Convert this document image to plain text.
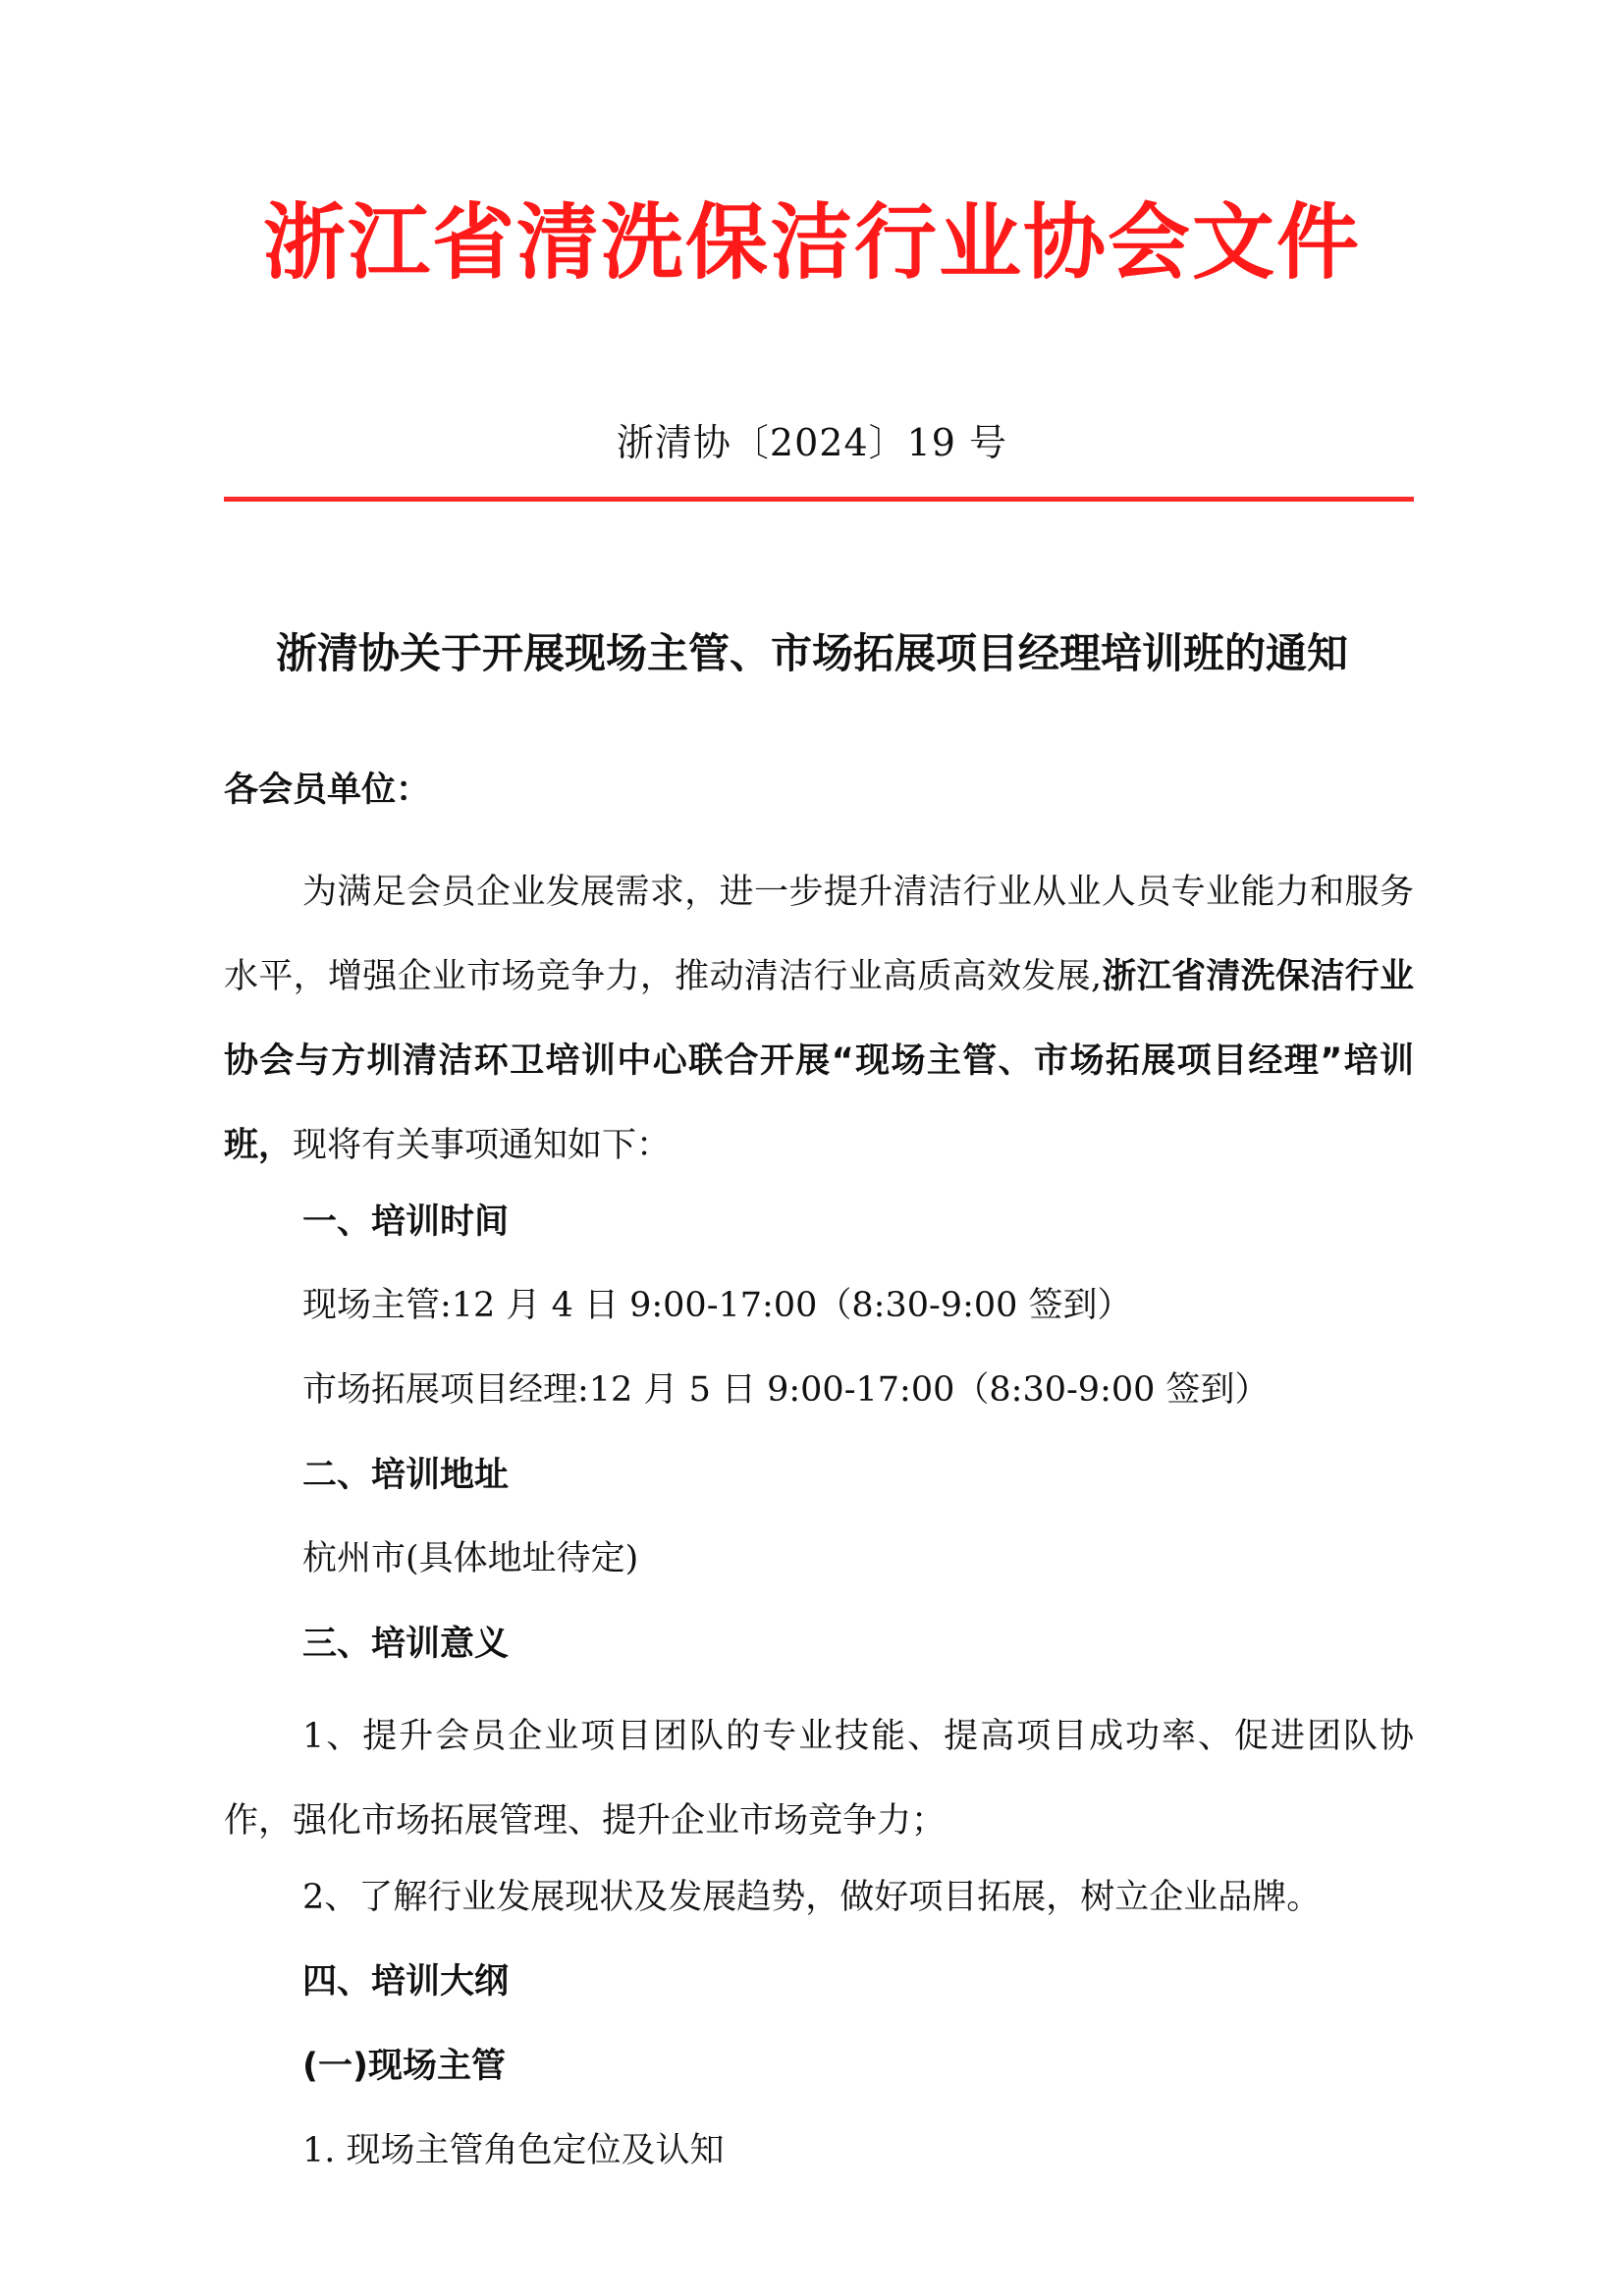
浙江省清洗保洁行业协会文件
浙清协〔2024〕19 号
浙清协关于开展现场主管、市场拓展项目经理培训班的通知
各会员单位：
为满足会员企业发展需求，进一步提升清洁行业从业人员专业能力和服务水平，增强企业市场竞争力，推动清洁行业高质高效发展,浙江省清洗保洁行业协会与方圳清洁环卫培训中心联合开展“现场主管、市场拓展项目经理”培训班，现将有关事项通知如下：
一、培训时间
现场主管:12 月 4 日 9:00-17:00（8:30-9:00 签到）
市场拓展项目经理:12 月 5 日 9:00-17:00（8:30-9:00 签到）
二、培训地址
杭州市(具体地址待定)
三、培训意义
1、提升会员企业项目团队的专业技能、提高项目成功率、促进团队协作，强化市场拓展管理、提升企业市场竞争力；
2、了解行业发展现状及发展趋势，做好项目拓展，树立企业品牌。
四、培训大纲
(一)现场主管
1. 现场主管角色定位及认知
